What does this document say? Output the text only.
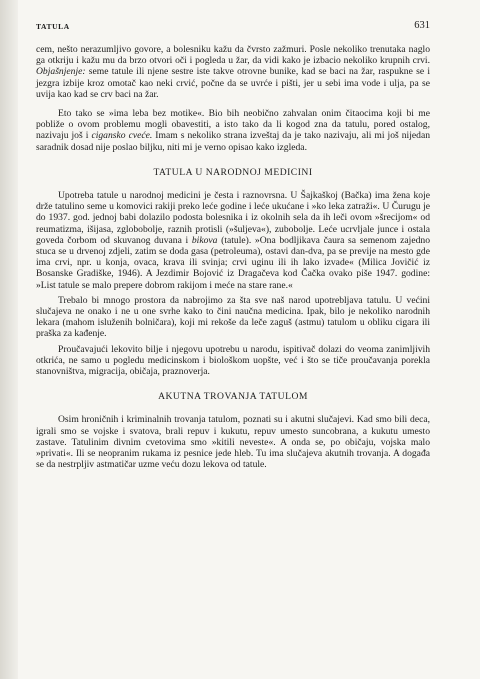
TATULA	631

cem, nešto nerazumljivo govore, a bolesniku kažu da čvrsto zažmuri. Posle nekoliko trenutaka naglo ga otkriju i kažu mu da brzo otvori oči i pogleda u žar, da vidi kako je izbacio nekoliko krupnih crvi. Objašnjenje: seme tatule ili njene sestre iste takve otrovne bunike, kad se baci na žar, raspukne se i jezgra izbije kroz omotač kao neki crvić, počne da se uvrće i pišti, jer u sebi ima vode i ulja, pa se uvija kao kad se crv baci na žar.

Eto tako se »ima leba bez motike«. Bio bih neobično zahvalan onim čitaocima koji bi me pobliže o ovom problemu mogli obavestiti, a isto tako da li kogod zna da tatulu, pored ostalog, nazivaju još i cigansko cveće. Imam s nekoliko strana izveštaj da je tako nazivaju, ali mi još nijedan saradnik dosad nije poslao biljku, niti mi je verno opisao kako izgleda.

TATULA U NARODNOJ MEDICINI

Upotreba tatule u narodnoj medicini je česta i raznovrsna. U Šajkaškoj (Bačka) ima žena koje drže tatulino seme u komovici rakiji preko leće godine i leće ukućane i »ko leka zatraži«. U Čurugu je do 1937. god. jednoj babi dolazilo podosta bolesnika i iz okolnih sela da ih leči ovom »šrecijom« od reumatizma, išijasa, zglobobolje, raznih protisli (»šuljeva«), zubobolje. Leće ucrvljale junce i ostala goveda čorbom od skuvanog duvana i bikova (tatule). »Ona bodljikava čaura sa semenom zajedno stuca se u drvenoj zdjeli, zatim se doda gasa (petroleuma), ostavi dan-dva, pa se previje na mesto gde ima crvi, npr. u konja, ovaca, krava ili svinja; crvi uginu ili ih lako izvade« (Milica Jovičić iz Bosanske Gradiške, 1946). A Jezdimir Bojović iz Dragačeva kod Čačka ovako piše 1947. godine: »List tatule se malo prepere dobrom rakijom i meće na stare rane.«

Trebalo bi mnogo prostora da nabrojimo za šta sve naš narod upotrebljava tatulu. U većini slučajeva ne onako i ne u one svrhe kako to čini naučna medicina. Ipak, bilo je nekoliko narodnih lekara (mahom isluženih bolničara), koji mi rekoše da leče zaguš (astmu) tatulom u obliku cigara ili praška za kađenje.

Proučavajući lekovito bilje i njegovu upotrebu u narodu, ispitivač dolazi do veoma zanimljivih otkrića, ne samo u pogledu medicinskom i biološkom uopšte, već i što se tiče proučavanja porekla stanovništva, migracija, običaja, praznoverja.

AKUTNA TROVANJA TATULOM

Osim hroničnih i kriminalnih trovanja tatulom, poznati su i akutni slučajevi. Kad smo bili deca, igrali smo se vojske i svatova, brali repuv i kukutu, repuv umesto suncobrana, a kukutu umesto zastave. Tatulinim divnim cvetovima smo »kitili neveste«. A onda se, po običaju, vojska malo »privati«. Ili se neopranim rukama iz pesnice jede hleb. Tu ima slučajeva akutnih trovanja. A događa se da nestrpljiv astmatičar uzme veću dozu lekova od tatule.
